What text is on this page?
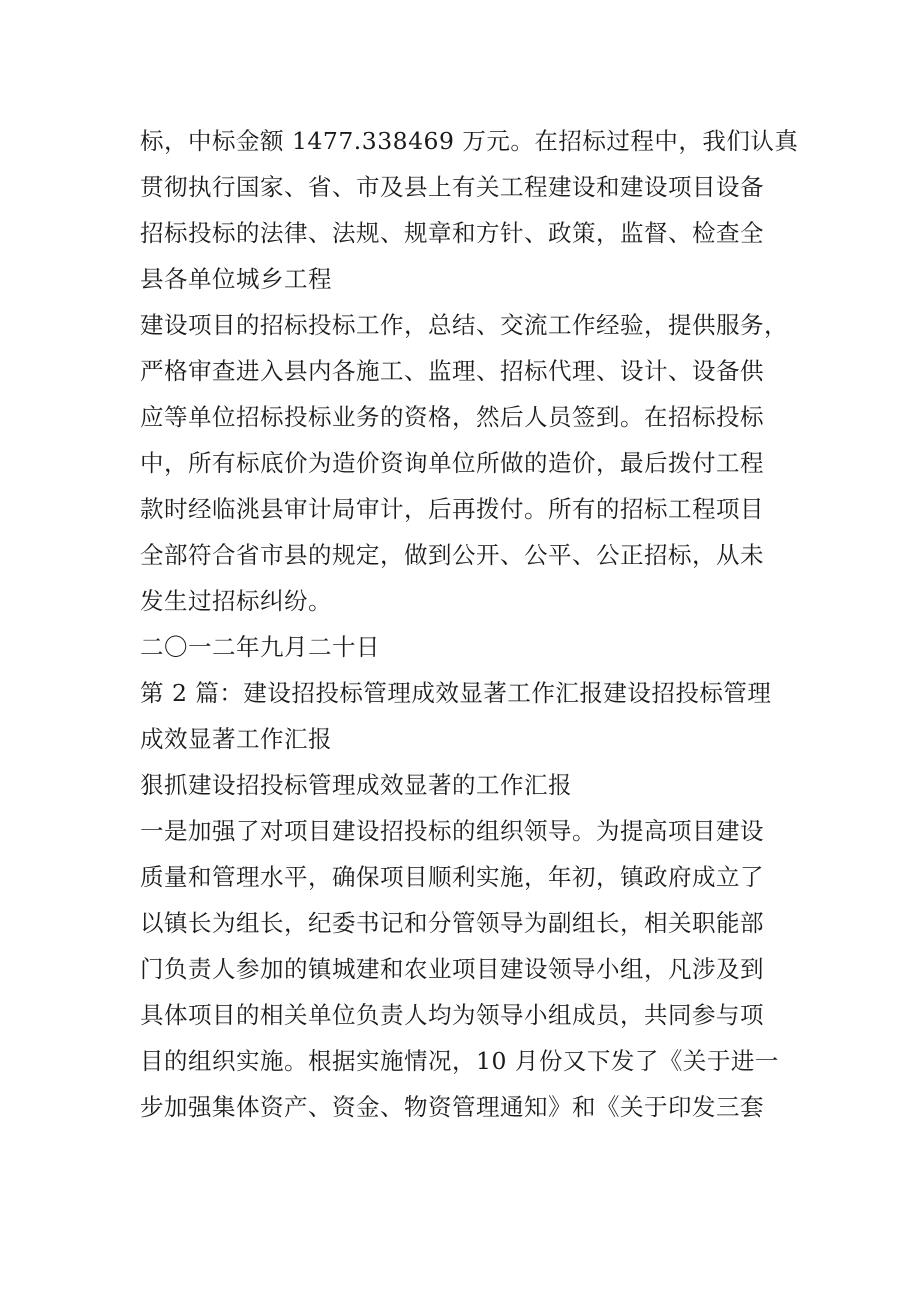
标，中标金额 1477.338469 万元。在招标过程中，我们认真
贯彻执行国家、省、市及县上有关工程建设和建设项目设备
招标投标的法律、法规、规章和方针、政策，监督、检查全
县各单位城乡工程
建设项目的招标投标工作，总结、交流工作经验，提供服务，
严格审查进入县内各施工、监理、招标代理、设计、设备供
应等单位招标投标业务的资格，然后人员签到。在招标投标
中，所有标底价为造价资询单位所做的造价，最后拨付工程
款时经临洮县审计局审计，后再拨付。所有的招标工程项目
全部符合省市县的规定，做到公开、公平、公正招标，从未
发生过招标纠纷。
二〇一二年九月二十日
第 2 篇：建设招投标管理成效显著工作汇报建设招投标管理
成效显著工作汇报
狠抓建设招投标管理成效显著的工作汇报
一是加强了对项目建设招投标的组织领导。为提高项目建设
质量和管理水平，确保项目顺利实施，年初，镇政府成立了
以镇长为组长，纪委书记和分管领导为副组长，相关职能部
门负责人参加的镇城建和农业项目建设领导小组，凡涉及到
具体项目的相关单位负责人均为领导小组成员，共同参与项
目的组织实施。根据实施情况，10 月份又下发了《关于进一
步加强集体资产、资金、物资管理通知》和《关于印发三套
